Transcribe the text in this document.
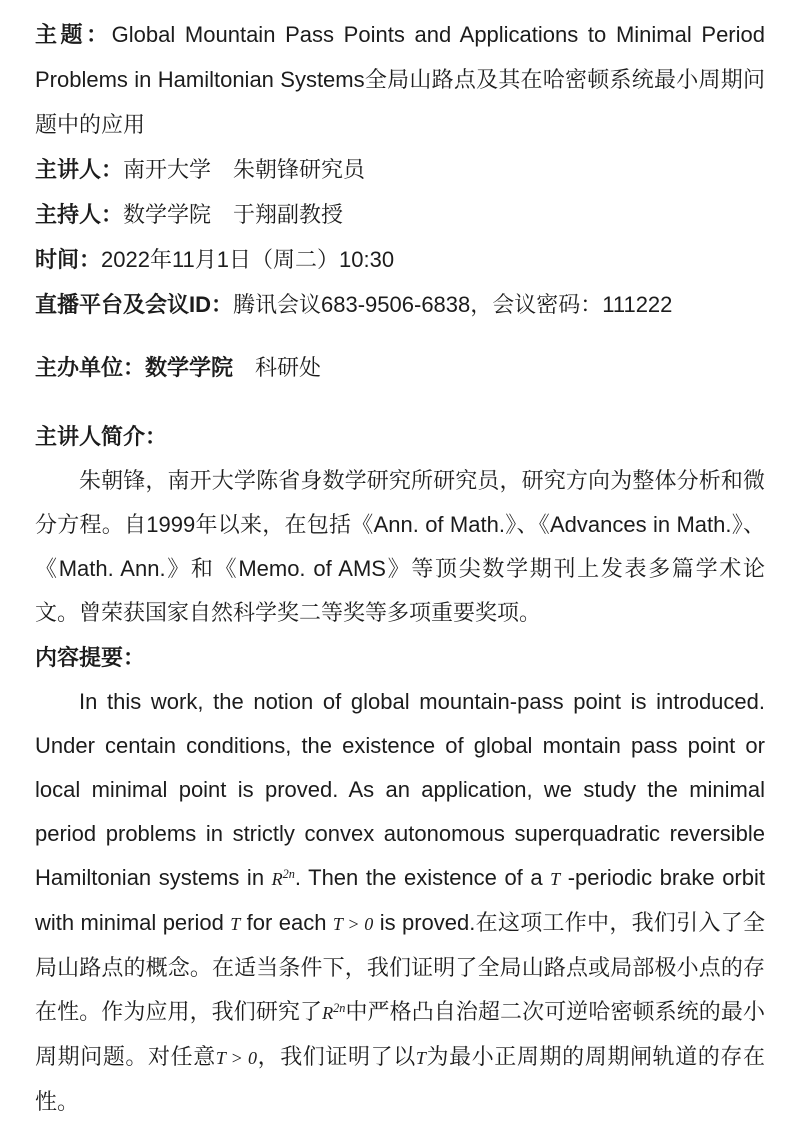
主题：Global Mountain Pass Points and Applications to Minimal Period Problems in Hamiltonian Systems全局山路点及其在哈密顿系统最小周期问题中的应用

主讲人：南开大学　朱朝锋研究员

主持人：数学学院　于翔副教授

时间：2022年11月1日（周二）10:30

直播平台及会议ID：腾讯会议683-9506-6838，会议密码：111222

主办单位：数学学院　科研处

主讲人简介：

朱朝锋，南开大学陈省身数学研究所研究员，研究方向为整体分析和微分方程。自1999年以来，在包括《Ann. of Math.》、《Advances in Math.》、《Math. Ann.》和《Memo. of AMS》等顶尖数学期刊上发表多篇学术论文。曾荣获国家自然科学奖二等奖等多项重要奖项。

内容提要：

In this work, the notion of global mountain-pass point is introduced. Under centain conditions, the existence of global montain pass point or local minimal point is proved. As an application, we study the minimal period problems in strictly convex autonomous superquadratic reversible Hamiltonian systems in $R^{2n}$. Then the existence of a T -periodic brake orbit with minimal period T for each T > 0 is proved.在这项工作中，我们引入了全局山路点的概念。在适当条件下，我们证明了全局山路点或局部极小点的存在性。作为应用，我们研究了$R^{2n}$中严格凸自治超二次可逆哈密顿系统的最小周期问题。对任意T > 0，我们证明了以T为最小正周期的周期闸轨道的存在性。
